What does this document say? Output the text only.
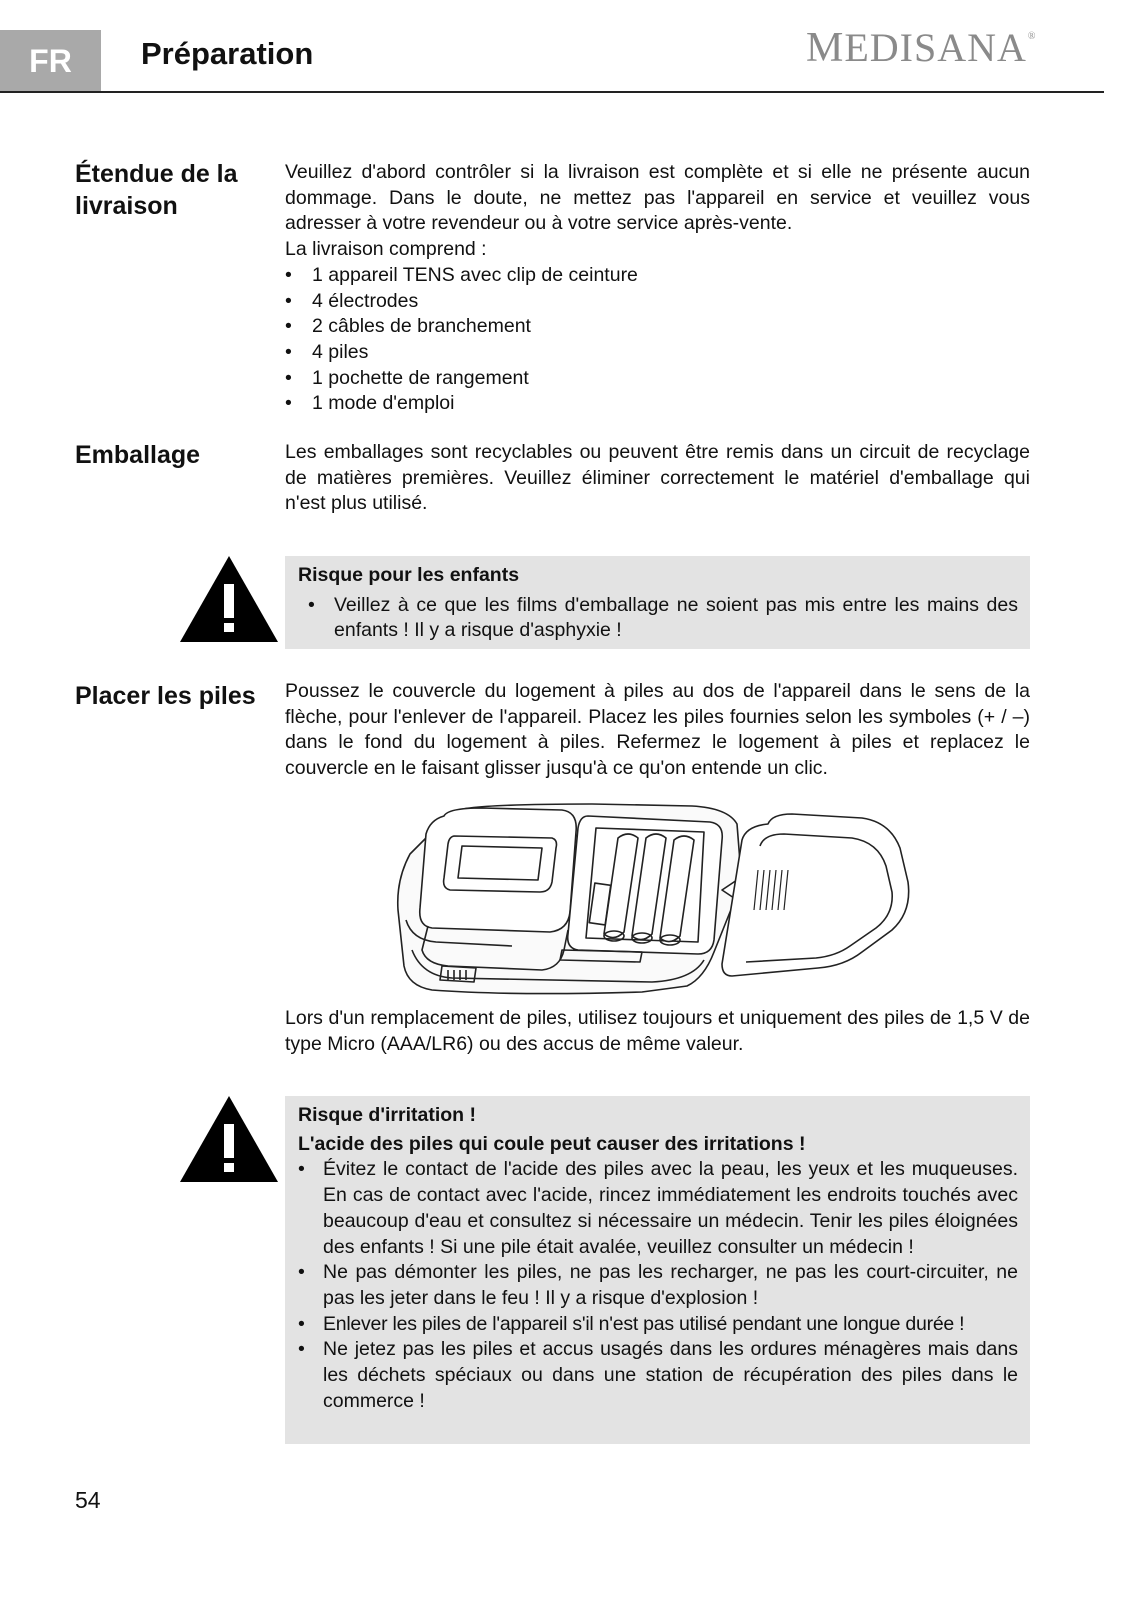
FR	Préparation	MEDISANA®
Étendue de la
livraison

Veuillez d'abord contrôler si la livraison est complète et si elle ne présente aucun dommage. Dans le doute, ne mettez pas l'appareil en service et veuillez vous adresser à votre revendeur ou à votre service après-vente.

La livraison comprend :

• 1 appareil TENS avec clip de ceinture
• 4 électrodes
• 2 câbles de branchement
• 4 piles
• 1 pochette de rangement
• 1 mode d'emploi
Emballage	Les emballages sont recyclables ou peuvent être remis dans un circuit de recyclage de matières premières. Veuillez éliminer correctement le matériel d'emballage qui n'est plus utilisé.

Risque pour les enfants
• Veillez à ce que les films d'emballage ne soient pas mis entre les mains des enfants ! Il y a risque d'asphyxie !
Placer les piles Poussez le couvercle du logement à piles au dos de l'appareil dans le sens de la flèche, pour l'enlever de l'appareil. Placez les piles fournies selon les symboles (+ / –) dans le fond du logement à piles. Refermez le logement à piles et replacez le couvercle en le faisant glisser jusqu'à ce qu'on entende un clic.

Lors d'un remplacement de piles, utilisez toujours et uniquement des piles de 1,5 V de type Micro (AAA/LR6) ou des accus de même valeur.

Risque d'irritation !
L'acide des piles qui coule peut causer des irritations !
• Évitez le contact de l'acide des piles avec la peau, les yeux et les muqueuses. En cas de contact avec l'acide, rincez immédiatement les endroits touchés avec beaucoup d'eau et consultez si nécessaire un médecin. Tenir les piles éloignées des enfants ! Si une pile était avalée, veuillez consulter un médecin !
• Ne pas démonter les piles, ne pas les recharger, ne pas les court-circuiter, ne pas les jeter dans le feu ! Il y a risque d'explosion !
• Enlever les piles de l'appareil s'il n'est pas utilisé pendant une longue durée !
• Ne jetez pas les piles et accus usagés dans les ordures ménagères mais dans les déchets spéciaux ou dans une station de récupération des piles dans le commerce !
54
